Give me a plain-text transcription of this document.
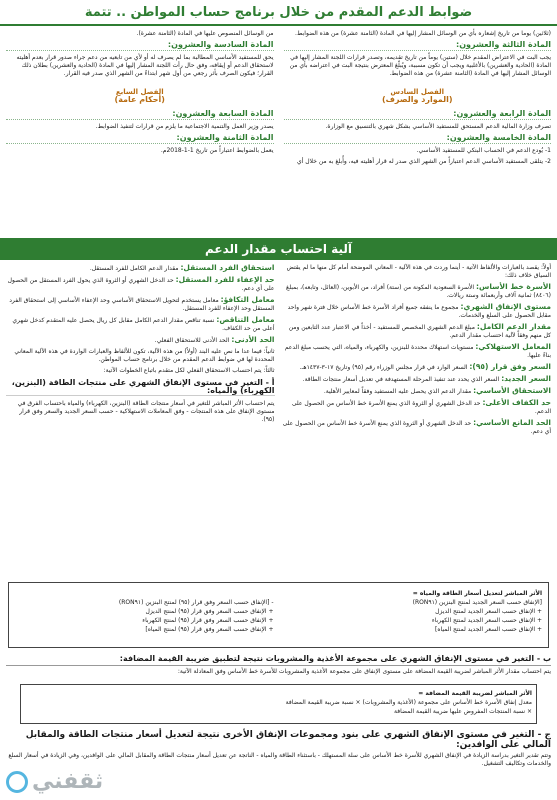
ضوابط الدعم المقدم من خلال برنامج حساب المواطن .. تتمة

(ثلاثين) يوما من تاريخ إشعاره بأي من الوسائل المشار إليها في المادة (الثامنة عشرة) من هذه الضوابط.

المادة الثالثة والعشرون:

يجب البت في الاعتراض المقدم خلال (ستين) يوماً من تاريخ تقديمه، وتصدر قرارات اللجنة المشار إليها في المادة (الحادية والعشرين) بالأغلبية ويجب أن تكون مسببة، ويُبلّغ المعترض بنتيجة البت في اعتراضه بأي من الوسائل المشار إليها في المادة (الثامنة عشرة) من هذه الضوابط.

الفصل السادس
(الموارد والصرف)
المادة الرابعة والعشرون:

تصرف وزارة المالية الدعم المستحق للمستفيد الأساسي بشكل شهري بالتنسيق مع الوزارة.

المادة الخامسة والعشرون:

1- يُودع الدعم في الحساب البنكي للمستفيد الأساسي.

2- يتلقى المستفيد الأساسي الدعم اعتباراً من الشهر الذي صدر له قرار أهليته فيه، وأُبلغ به من خلال أي

من الوسائل المنصوص عليها في المادة (الثامنة عشرة).

المادة السادسة والعشرون:

يحق للمستفيد الأساسي المطالبة بما لم يصرف له أو لأي من تابعيه من دعم جراء صدور قرار بعدم أهليته لاستحقاق الدعم أو إيقافه، وفق حال رأت اللجنة المشار إليها في المادة (الحادية والعشرين) بطلان ذلك القرار؛ فيكون الصرف بأثر رجعي من أول شهر ابتداءً من الشهر الذي صدر فيه القرار.

الفصل السابع
(أحكام عامة)
المادة السابعة والعشرون:

يصدر وزير العمل والتنمية الاجتماعية ما يلزم من قرارات لتنفيذ الضوابط.

المادة الثامنة والعشرون:

يعمل بالضوابط اعتباراً من تاريخ 1-1-2018م.

آلية احتساب مقدار الدعم

أولاً: يقصد بالعبارات والألفاظ الآتية - أينما وردت في هذه الآلية - المعاني الموضحة أمام كل منها ما لم يقتض السياق خلاف ذلك:

الأسرة خط الأساس: الأسرة السعودية المكونة من (ستة) أفراد، من الأبوين، (العائل، وتابعه)، بمبلغ (٨٤٠٦) ثمانية آلاف وأربعمائة وستة ريالات.

مستوى الإنفاق الشهري: مجموع ما ينفقه جميع أفراد الأسرة خط الأساس خلال فترة شهر واحد مقابل الحصول على السلع والخدمات.

مقدار الدعم الكامل: مبلغ الدعم الشهري المخصص للمستفيد - أخذاً في الاعتبار عدد التابعين ومن كل منهم وفقاً لآلية احتساب مقدار الدعم.

المعامل الاستهلاكي: مستويات استهلاك محددة للبنزين، والكهرباء، والمياه، التي يحسب مبلغ الدعم بناءً عليها.

السعر وفق قرار (٩٥): السعر الوارد في قرار مجلس الوزراء رقم (٩٥) وتاريخ ١٧-٣-١٤٣٧هـ.

السعر الجديد: السعر الذي يحدد عند تنفيذ المرحلة المستهدفة في تعديل أسعار منتجات الطاقة.

الاستحقاق الأساسي: مقدار الدعم الذي يحصل عليه المستفيد وفقاً لمعايير الأهلية.

حد الكفاف الأعلى: حد الدخل الشهري أو الثروة الذي يمنع الأسرة خط الأساس من الحصول على الدعم.

الحد المانع الأساسي: حد الدخل الشهري أو الثروة الذي يمنع الأسرة خط الأساس من الحصول على أي دعم.

استحقاق الفرد المستقل: مقدار الدعم الكامل للفرد المستقل.

حد الإعفاء للفرد المستقل: حد الدخل الشهري أو الثروة الذي يحول الفرد المستقل من الحصول على أي دعم.

معامل التكافؤ: معامل يستخدم لتحويل الاستحقاق الأساسي وحد الإعفاء الأساسي إلى استحقاق الفرد المستقل وحد الإعفاء للفرد المستقل.

معامل التناقص: نسبة تناقص مقدار الدعم الكامل مقابل كل ريال يحصل عليه المتقدم كدخل شهري أعلى من حد الكفاف.

الحد الأدنى: الحد الأدنى للاستحقاق الفعلي.

ثانياً: فيما عدا ما نص عليه البند (أولاً) من هذه الآلية، تكون للألفاظ والعبارات الواردة في هذه الآلية المعاني المحددة لها في ضوابط الدعم المقدم من خلال برنامج حساب المواطن.

ثالثاً: يتم احتساب الاستحقاق الفعلي لكل متقدم باتباع الخطوات الآتية:

أ - التغير في مستوى الإنفاق الشهري على منتجات الطاقة (البنزين، الكهرباء) والمياه:

يتم احتساب الأثر المباشر للتغير في أسعار منتجات الطاقة (البنزين، الكهرباء) والمياه باحتساب الفرق في مستوى الإنفاق على هذه المنتجات - وفق المعاملات الاستهلاكية - حسب السعر الجديد والسعر وفق قرار (٩٥).

الأثر المباشر لتعديل أسعار الطاقة والمياه =
[الإنفاق حسب السعر الجديد لمنتج البنزين (RON٩١)
+ الإنفاق حسب السعر الجديد لمنتج الديزل
+ الإنفاق حسب السعر الجديد لمنتج الكهرباء
+ الإنفاق حسب السعر الجديد لمنتج المياه]
- [الإنفاق حسب السعر وفق قرار (٩٥) لمنتج البنزين (RON٩١)
+ الإنفاق حسب السعر وفق قرار (٩٥) لمنتج الديزل
+ الإنفاق حسب السعر وفق قرار (٩٥) لمنتج الكهرباء
+ الإنفاق حسب السعر وفق قرار (٩٥) لمنتج المياه]
ب - التغير في مستوى الإنفاق الشهري على مجموعة الأغذية والمشروبات نتيجة لتطبيق ضريبة القيمة المضافة:

يتم احتساب مقدار الأثر المباشر لضريبة القيمة المضافة على مستوى الإنفاق على مجموعة الأغذية والمشروبات للأسرة خط الأساس وفق المعادلة الآتية:

الأثر المباشر لضريبة القيمة المضافة =
معدل إنفاق الأسرة خط الأساس على مجموعة (الأغذية والمشروبات) × نسبة ضريبة القيمة المضافة
× نسبة المنتجات المفروض عليها ضريبة القيمة المضافة
ج - التغير في مستوى الإنفاق الشهري على بنود ومجموعات الإنفاق الأخرى نتيجة لتعديل أسعار منتجات الطاقة والمقابل المالي على الوافدين:

وتتم تقدير التغير بدراسة الزيادة في الإنفاق الشهري للأسرة خط الأساس على سلة المستهلك - باستثناء الطاقة والمياه - الناتجة عن تعديل أسعار منتجات الطاقة والمقابل المالي على الوافدين، وفي الزيادة في أسعار السلع والخدمات وتكاليف التشغيل.

ثقفني
